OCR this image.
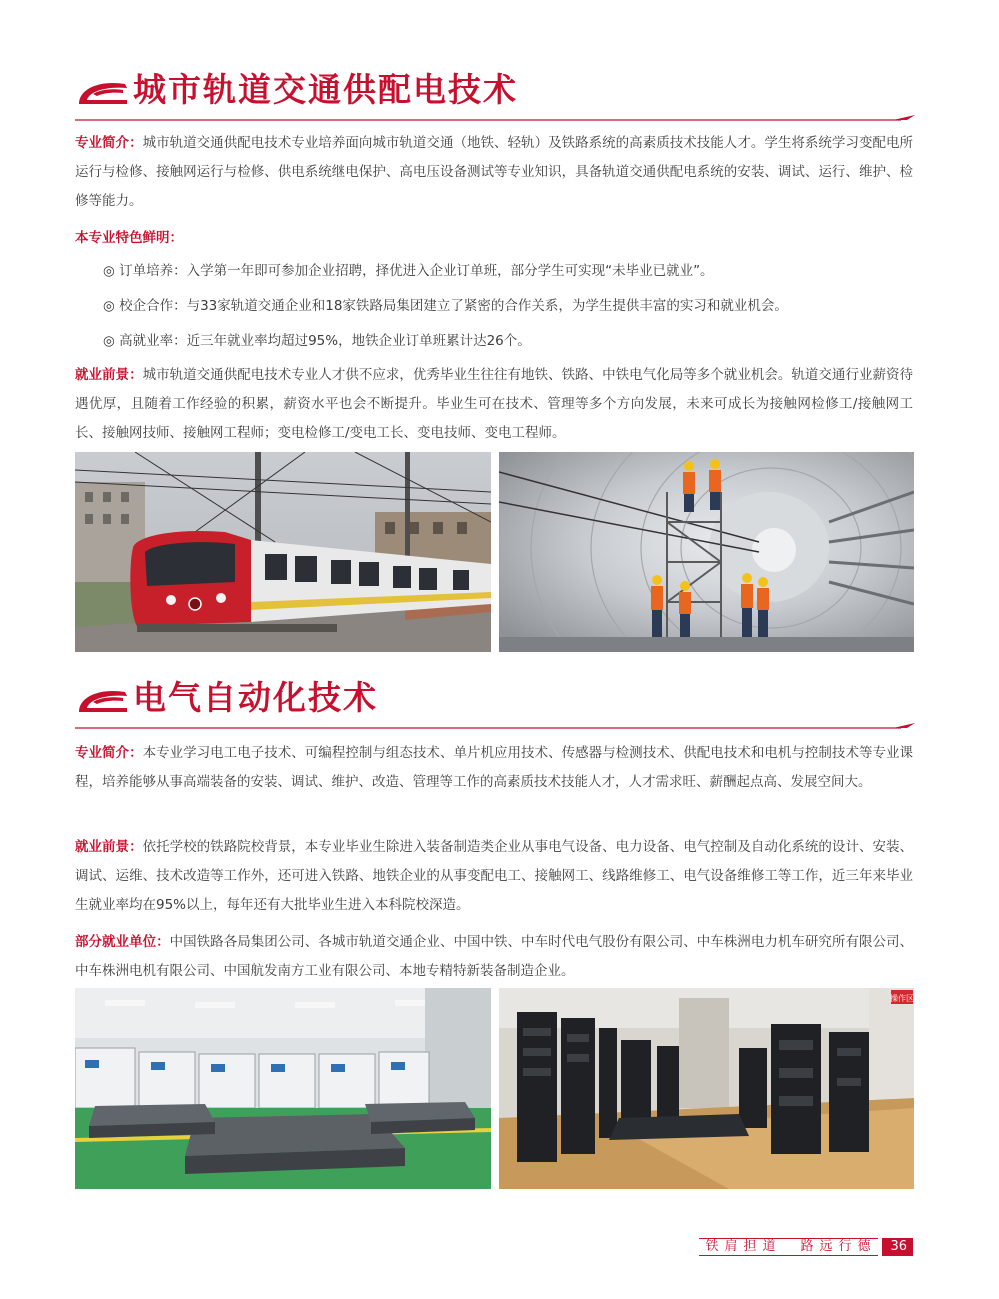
城市轨道交通供配电技术

专业简介：城市轨道交通供配电技术专业培养面向城市轨道交通（地铁、轻轨）及铁路系统的高素质技术技能人才。学生将系统学习变配电所运行与检修、接触网运行与检修、供电系统继电保护、高电压设备测试等专业知识，具备轨道交通供配电系统的安装、调试、运行、维护、检修等能力。

本专业特色鲜明：

◎ 订单培养：入学第一年即可参加企业招聘，择优进入企业订单班，部分学生可实现“未毕业已就业”。

◎ 校企合作：与33家轨道交通企业和18家铁路局集团建立了紧密的合作关系，为学生提供丰富的实习和就业机会。

◎ 高就业率：近三年就业率均超过95%，地铁企业订单班累计达26个。

就业前景：城市轨道交通供配电技术专业人才供不应求，优秀毕业生往往有地铁、铁路、中铁电气化局等多个就业机会。轨道交通行业薪资待遇优厚，且随着工作经验的积累，薪资水平也会不断提升。毕业生可在技术、管理等多个方向发展，未来可成长为接触网检修工/接触网工长、接触网技师、接触网工程师；变电检修工/变电工长、变电技师、变电工程师。

电气自动化技术

专业简介：本专业学习电工电子技术、可编程控制与组态技术、单片机应用技术、传感器与检测技术、供配电技术和电机与控制技术等专业课程，培养能够从事高端装备的安装、调试、维护、改造、管理等工作的高素质技术技能人才，人才需求旺、薪酬起点高、发展空间大。

就业前景：依托学校的铁路院校背景，本专业毕业生除进入装备制造类企业从事电气设备、电力设备、电气控制及自动化系统的设计、安装、调试、运维、技术改造等工作外，还可进入铁路、地铁企业的从事变配电工、接触网工、线路维修工、电气设备维修工等工作，近三年来毕业生就业率均在95%以上，每年还有大批毕业生进入本科院校深造。

部分就业单位：中国铁路各局集团公司、各城市轨道交通企业、中国中铁、中车时代电气股份有限公司、中车株洲电力机车研究所有限公司、中车株洲电机有限公司、中国航发南方工业有限公司、本地专精特新装备制造企业。

操作区
铁肩担道　路远行德	36
